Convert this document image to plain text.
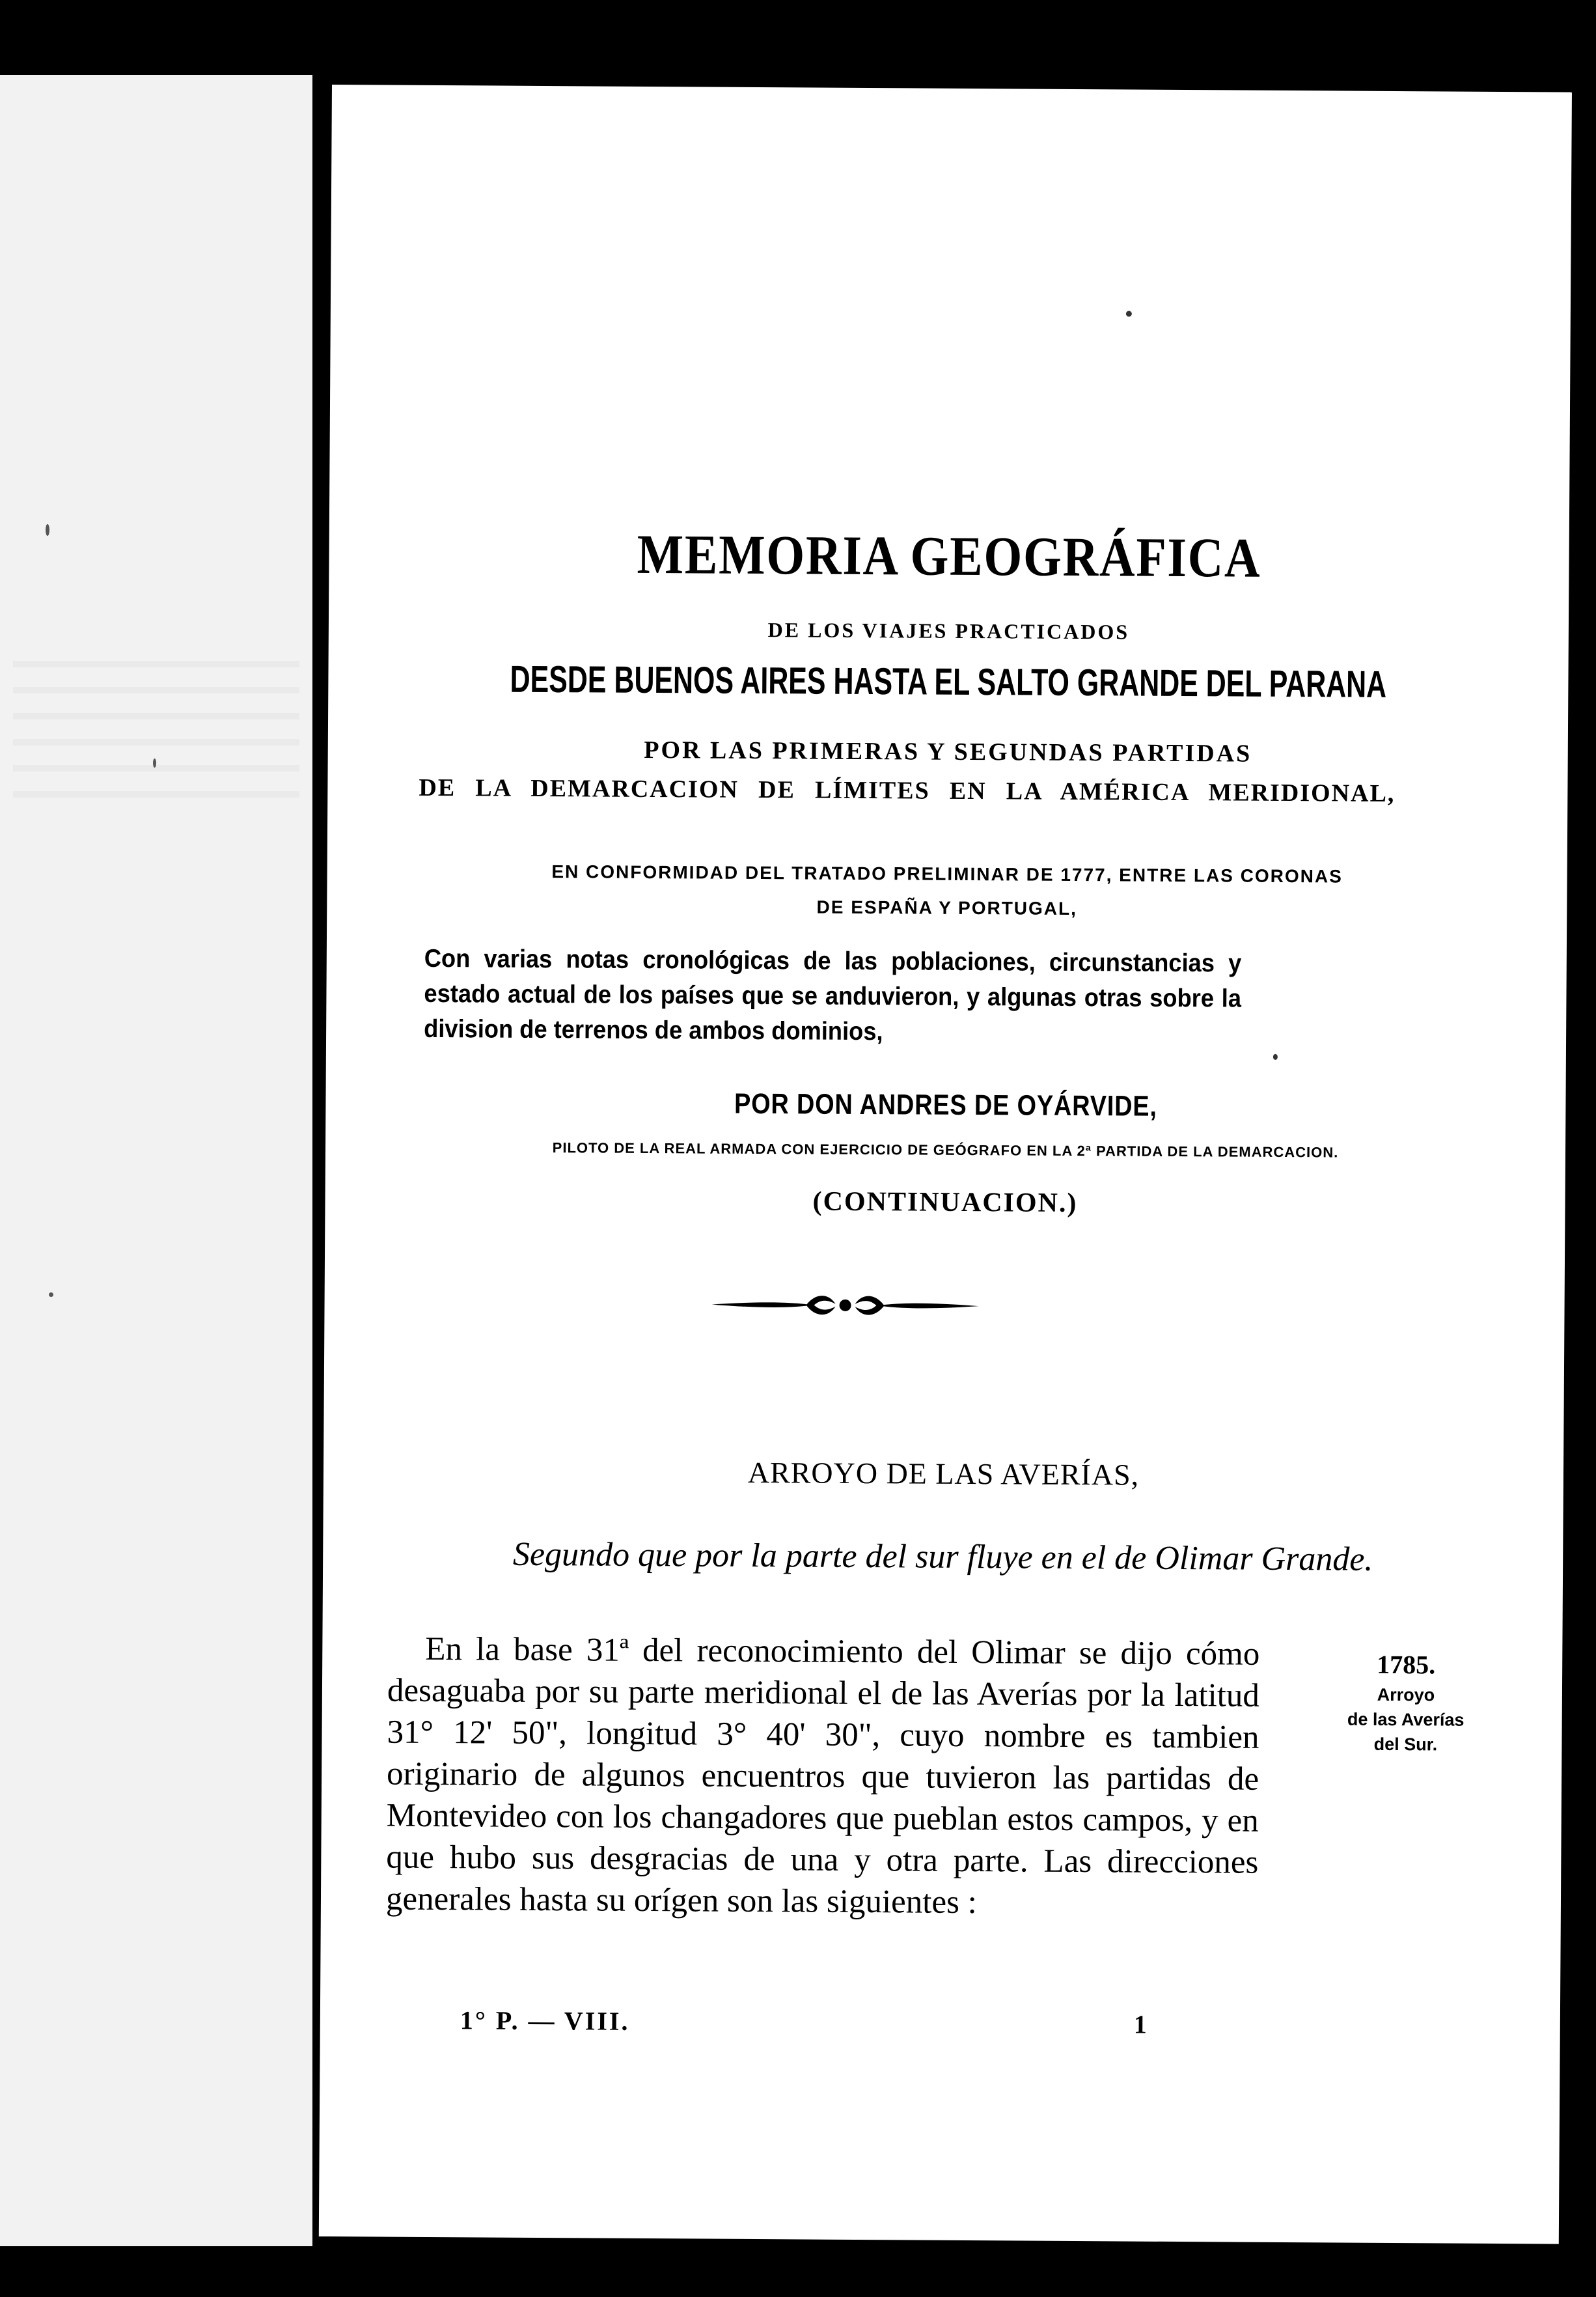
MEMORIA GEOGRÁFICA
DE LOS VIAJES PRACTICADOS
DESDE BUENOS AIRES HASTA EL SALTO GRANDE DEL PARANA
POR LAS PRIMERAS Y SEGUNDAS PARTIDAS
DE LA DEMARCACION DE LÍMITES EN LA AMÉRICA MERIDIONAL,
EN CONFORMIDAD DEL TRATADO PRELIMINAR DE 1777, ENTRE LAS CORONAS
DE ESPAÑA Y PORTUGAL,
Con varias notas cronológicas de las poblaciones, circunstancias y estado actual de los países que se anduvieron, y algunas otras sobre la division de terrenos de ambos dominios,
POR DON ANDRES DE OYÁRVIDE,
PILOTO DE LA REAL ARMADA CON EJERCICIO DE GEÓGRAFO EN LA 2ª PARTIDA DE LA DEMARCACION.
(CONTINUACION.)
ARROYO DE LAS AVERÍAS,
Segundo que por la parte del sur fluye en el de Olimar Grande.

En la base 31ª del reconocimiento del Olimar se dijo cómo desaguaba por su parte meridional el de las Averías por la latitud 31° 12' 50", longitud 3° 40' 30", cuyo nombre es tambien originario de algunos encuentros que tuvieron las partidas de Montevideo con los changadores que pueblan estos campos, y en que hubo sus desgracias de una y otra parte. Las direcciones generales hasta su orígen son las siguientes :

1785.
Arroyo
de las Averías
del Sur.
1° P. — VIII.	1
